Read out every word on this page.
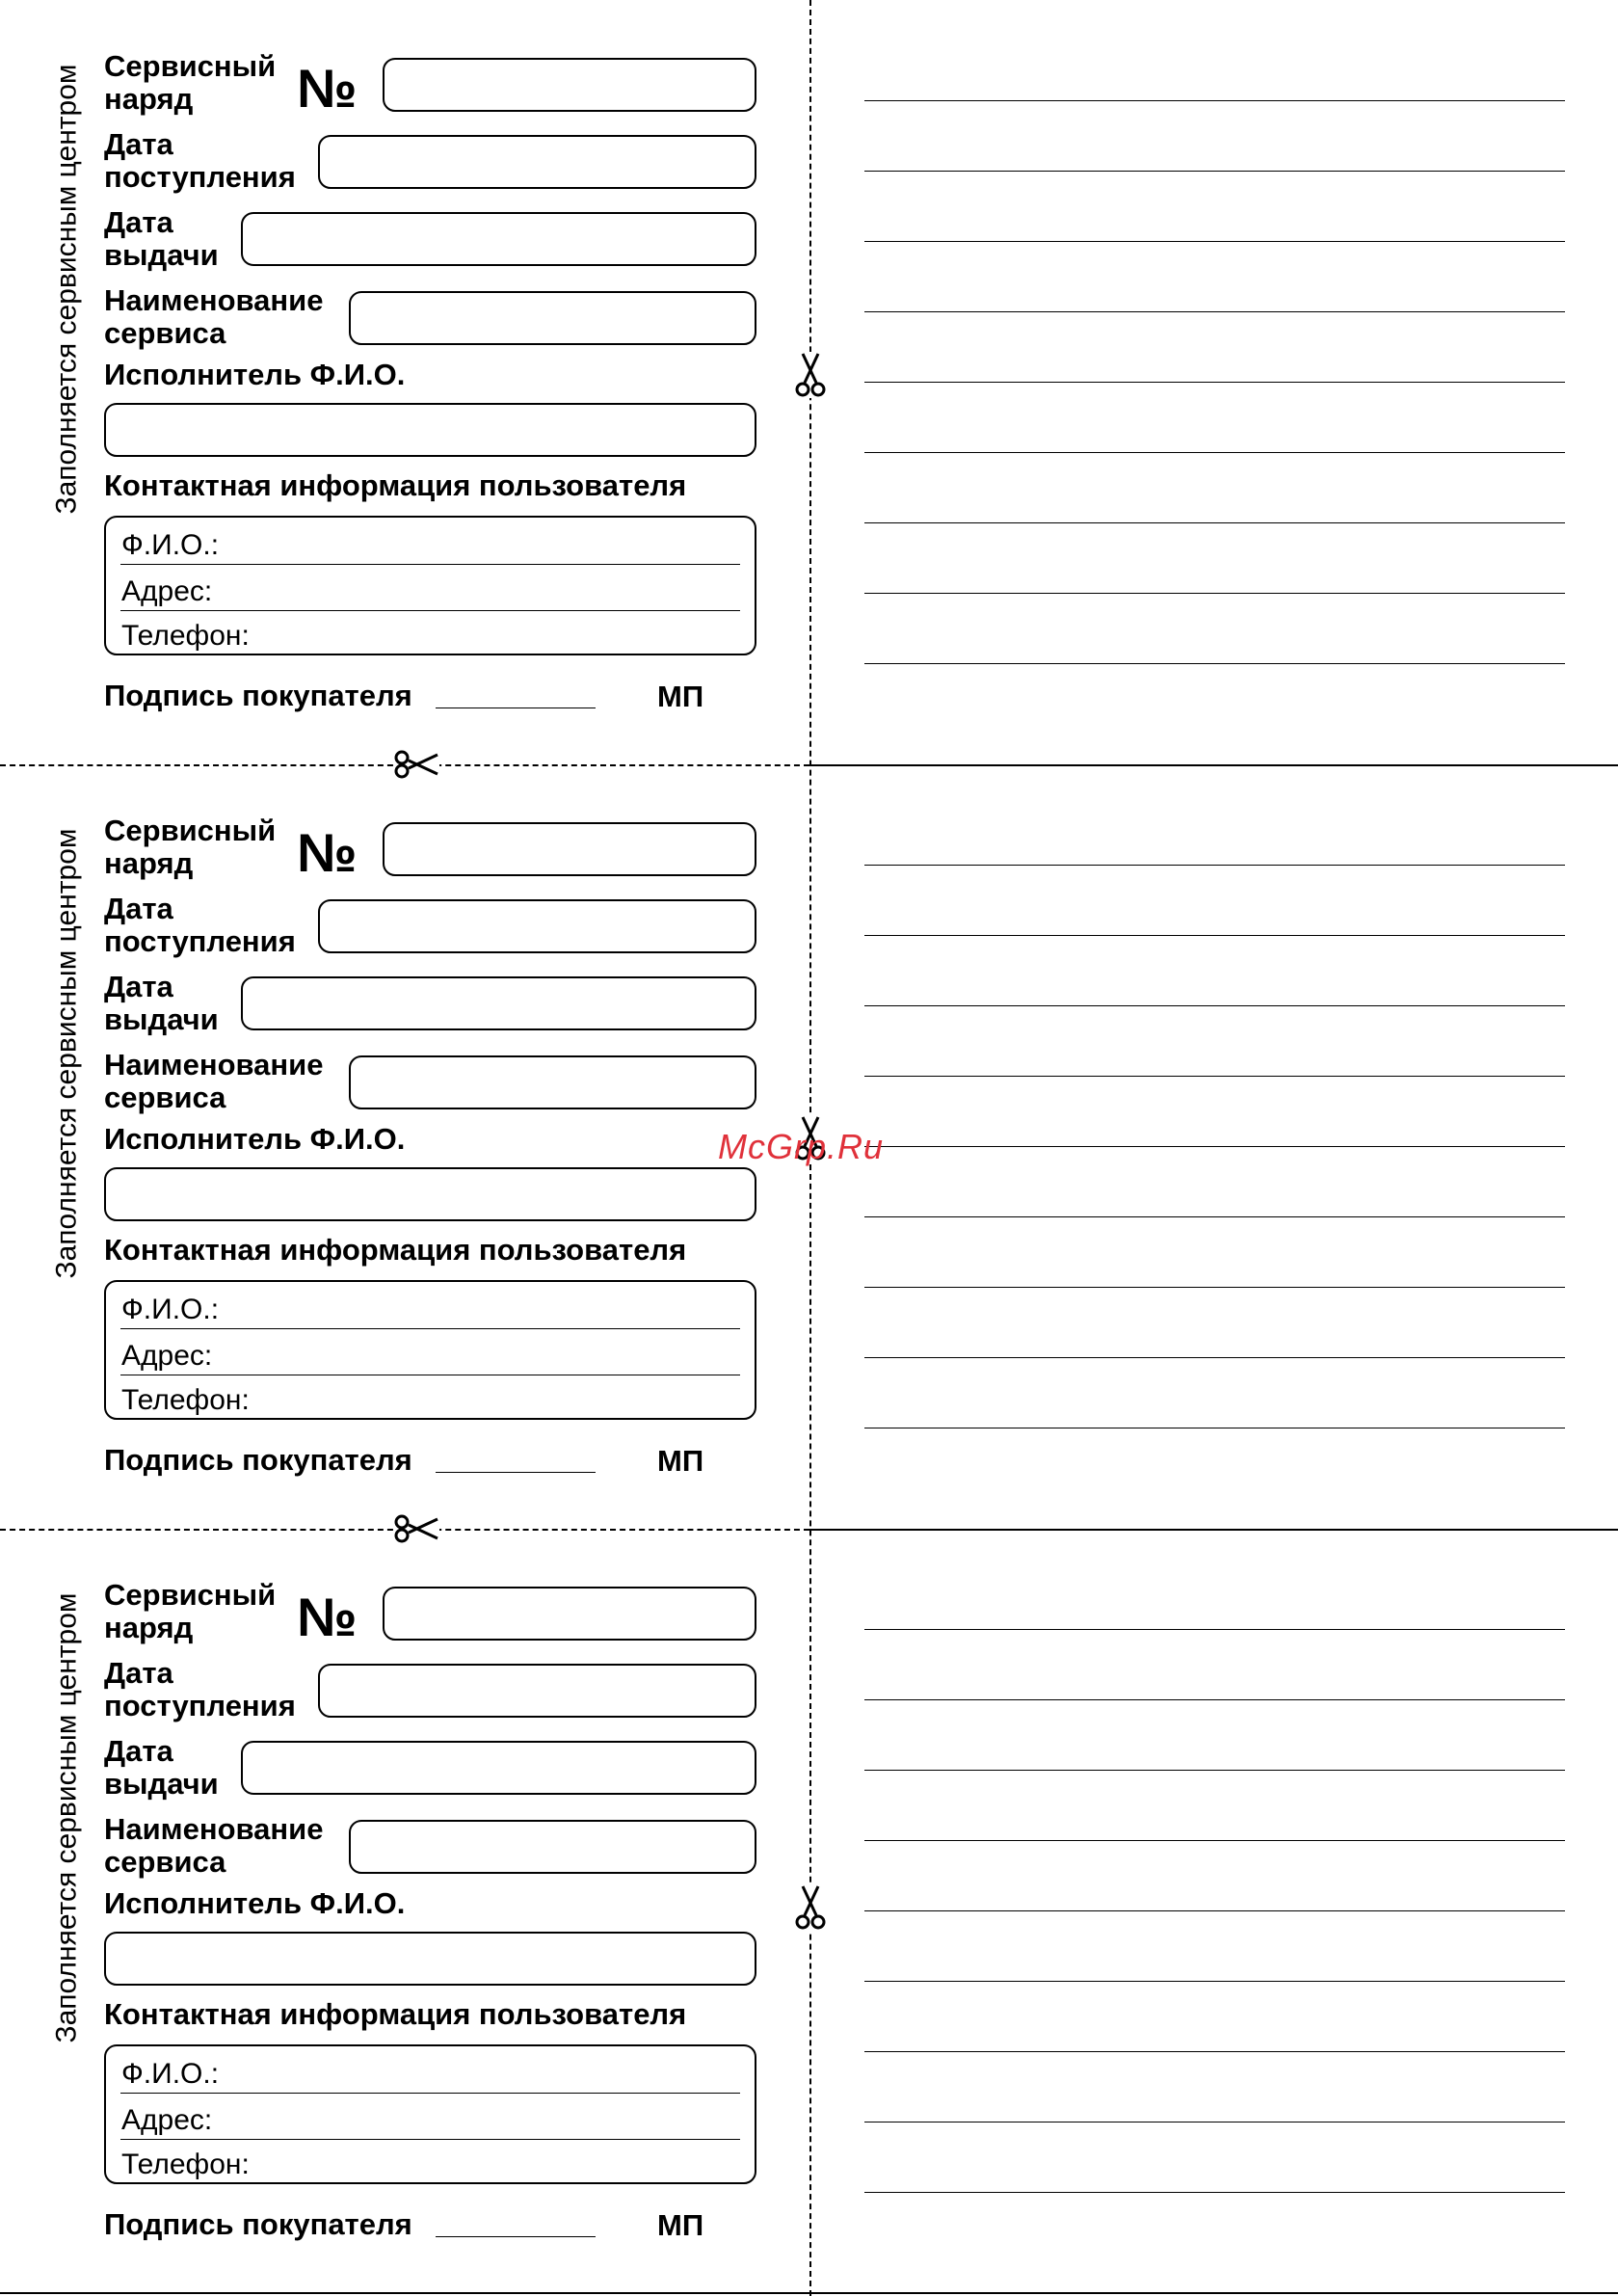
Заполняется сервисным центром Сервисный
наряд	№
Дата
поступления
Дата
выдачи
Наименование
сервиса
Исполнитель Ф.И.О.
Контактная информация пользователя
Ф.И.О.:
Адрес:
Телефон:
Подпись покупателя	МП
Заполняется сервисным центром Сервисный
наряд	№
Дата
поступления
Дата
выдачи
Наименование
сервиса
Исполнитель Ф.И.О.
Контактная информация пользователя
Ф.И.О.:
Адрес:
Телефон:
Подпись покупателя	МП
Заполняется сервисным центром Сервисный
наряд	№
Дата
поступления
Дата
выдачи
Наименование
сервиса
Исполнитель Ф.И.О.
Контактная информация пользователя
Ф.И.О.:
Адрес:
Телефон:
Подпись покупателя	МП
McGrp.Ru
